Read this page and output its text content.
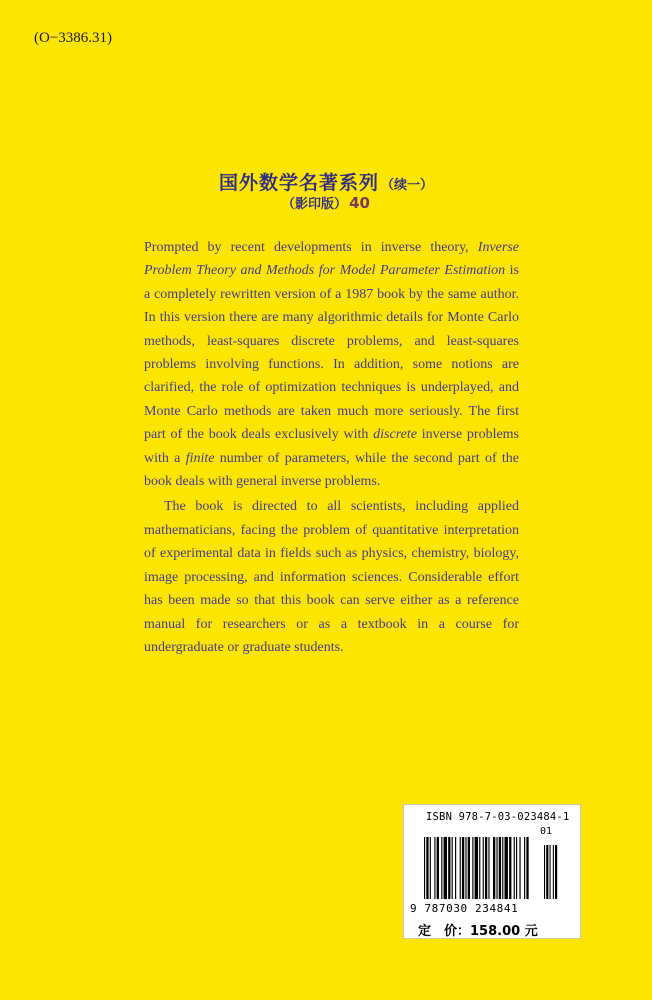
(O−3386.31)
国外数学名著系列 （续一）
（影印版） 40

Prompted by recent developments in inverse theory, Inverse Problem Theory and Methods for Model Parameter Estimation is a completely rewritten version of a 1987 book by the same author. In this version there are many algorithmic details for Monte Carlo methods, least-squares discrete problems, and least-squares problems involving functions. In addition, some notions are clarified, the role of optimization techniques is underplayed, and Monte Carlo methods are taken much more seriously. The first part of the book deals exclusively with discrete inverse problems with a finite number of parameters, while the second part of the book deals with general inverse problems.

The book is directed to all scientists, including applied mathematicians, facing the problem of quantitative interpretation of experimental data in fields such as physics, chemistry, biology, image processing, and information sciences. Considerable effort has been made so that this book can serve either as a reference manual for researchers or as a textbook in a course for undergraduate or graduate students.

ISBN 978-7-03-023484-1
01
9 787030 234841
定　价：158.00 元
